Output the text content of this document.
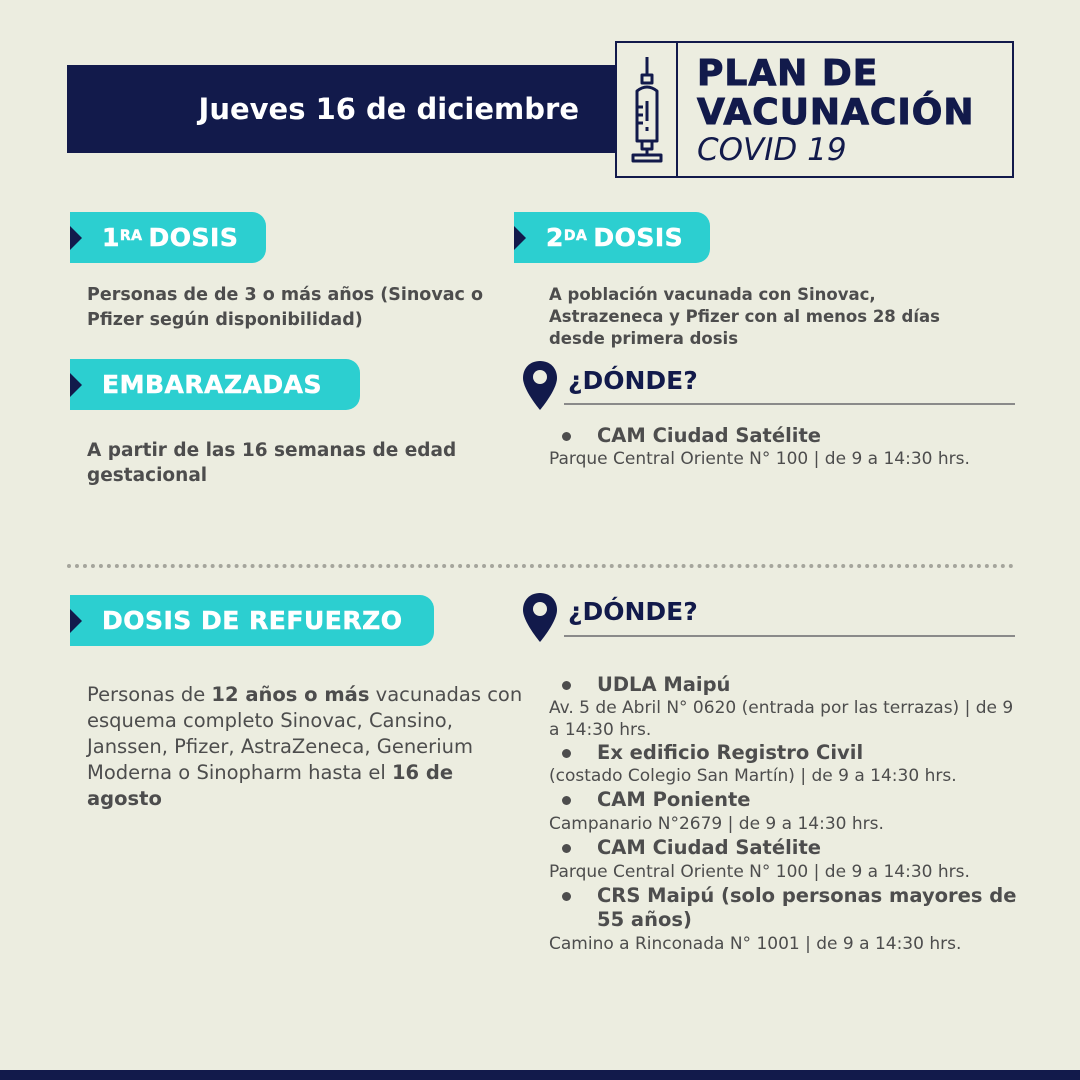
Jueves 16 de diciembre
PLAN DE
VACUNACIÓN
COVID 19
$1^{RA}$ DOSIS
Personas de de 3 o más años (Sinovac o
Pfizer según disponibilidad)
$2^{DA}$ DOSIS
A población vacunada con Sinovac,
Astrazeneca y Pfizer con al menos 28 días
desde primera dosis
EMBARAZADAS
A partir de las 16 semanas de edad
gestacional
¿DÓNDE?
CAM Ciudad Satélite
Parque Central Oriente N° 100 | de 9 a 14:30 hrs.
DOSIS DE REFUERZO
Personas de 12 años o más vacunadas con
esquema completo Sinovac, Cansino,
Janssen, Pfizer, AstraZeneca, Generium
Moderna o Sinopharm hasta el 16 de
agosto
¿DÓNDE?
UDLA Maipú
Av. 5 de Abril N° 0620 (entrada por las terrazas) | de 9
a 14:30 hrs.
Ex edificio Registro Civil
(costado Colegio San Martín) | de 9 a 14:30 hrs.
CAM Poniente
Campanario N°2679 | de 9 a 14:30 hrs.
CAM Ciudad Satélite
Parque Central Oriente N° 100 | de 9 a 14:30 hrs.
CRS Maipú (solo personas mayores de
55 años)
Camino a Rinconada N° 1001 | de 9 a 14:30 hrs.
